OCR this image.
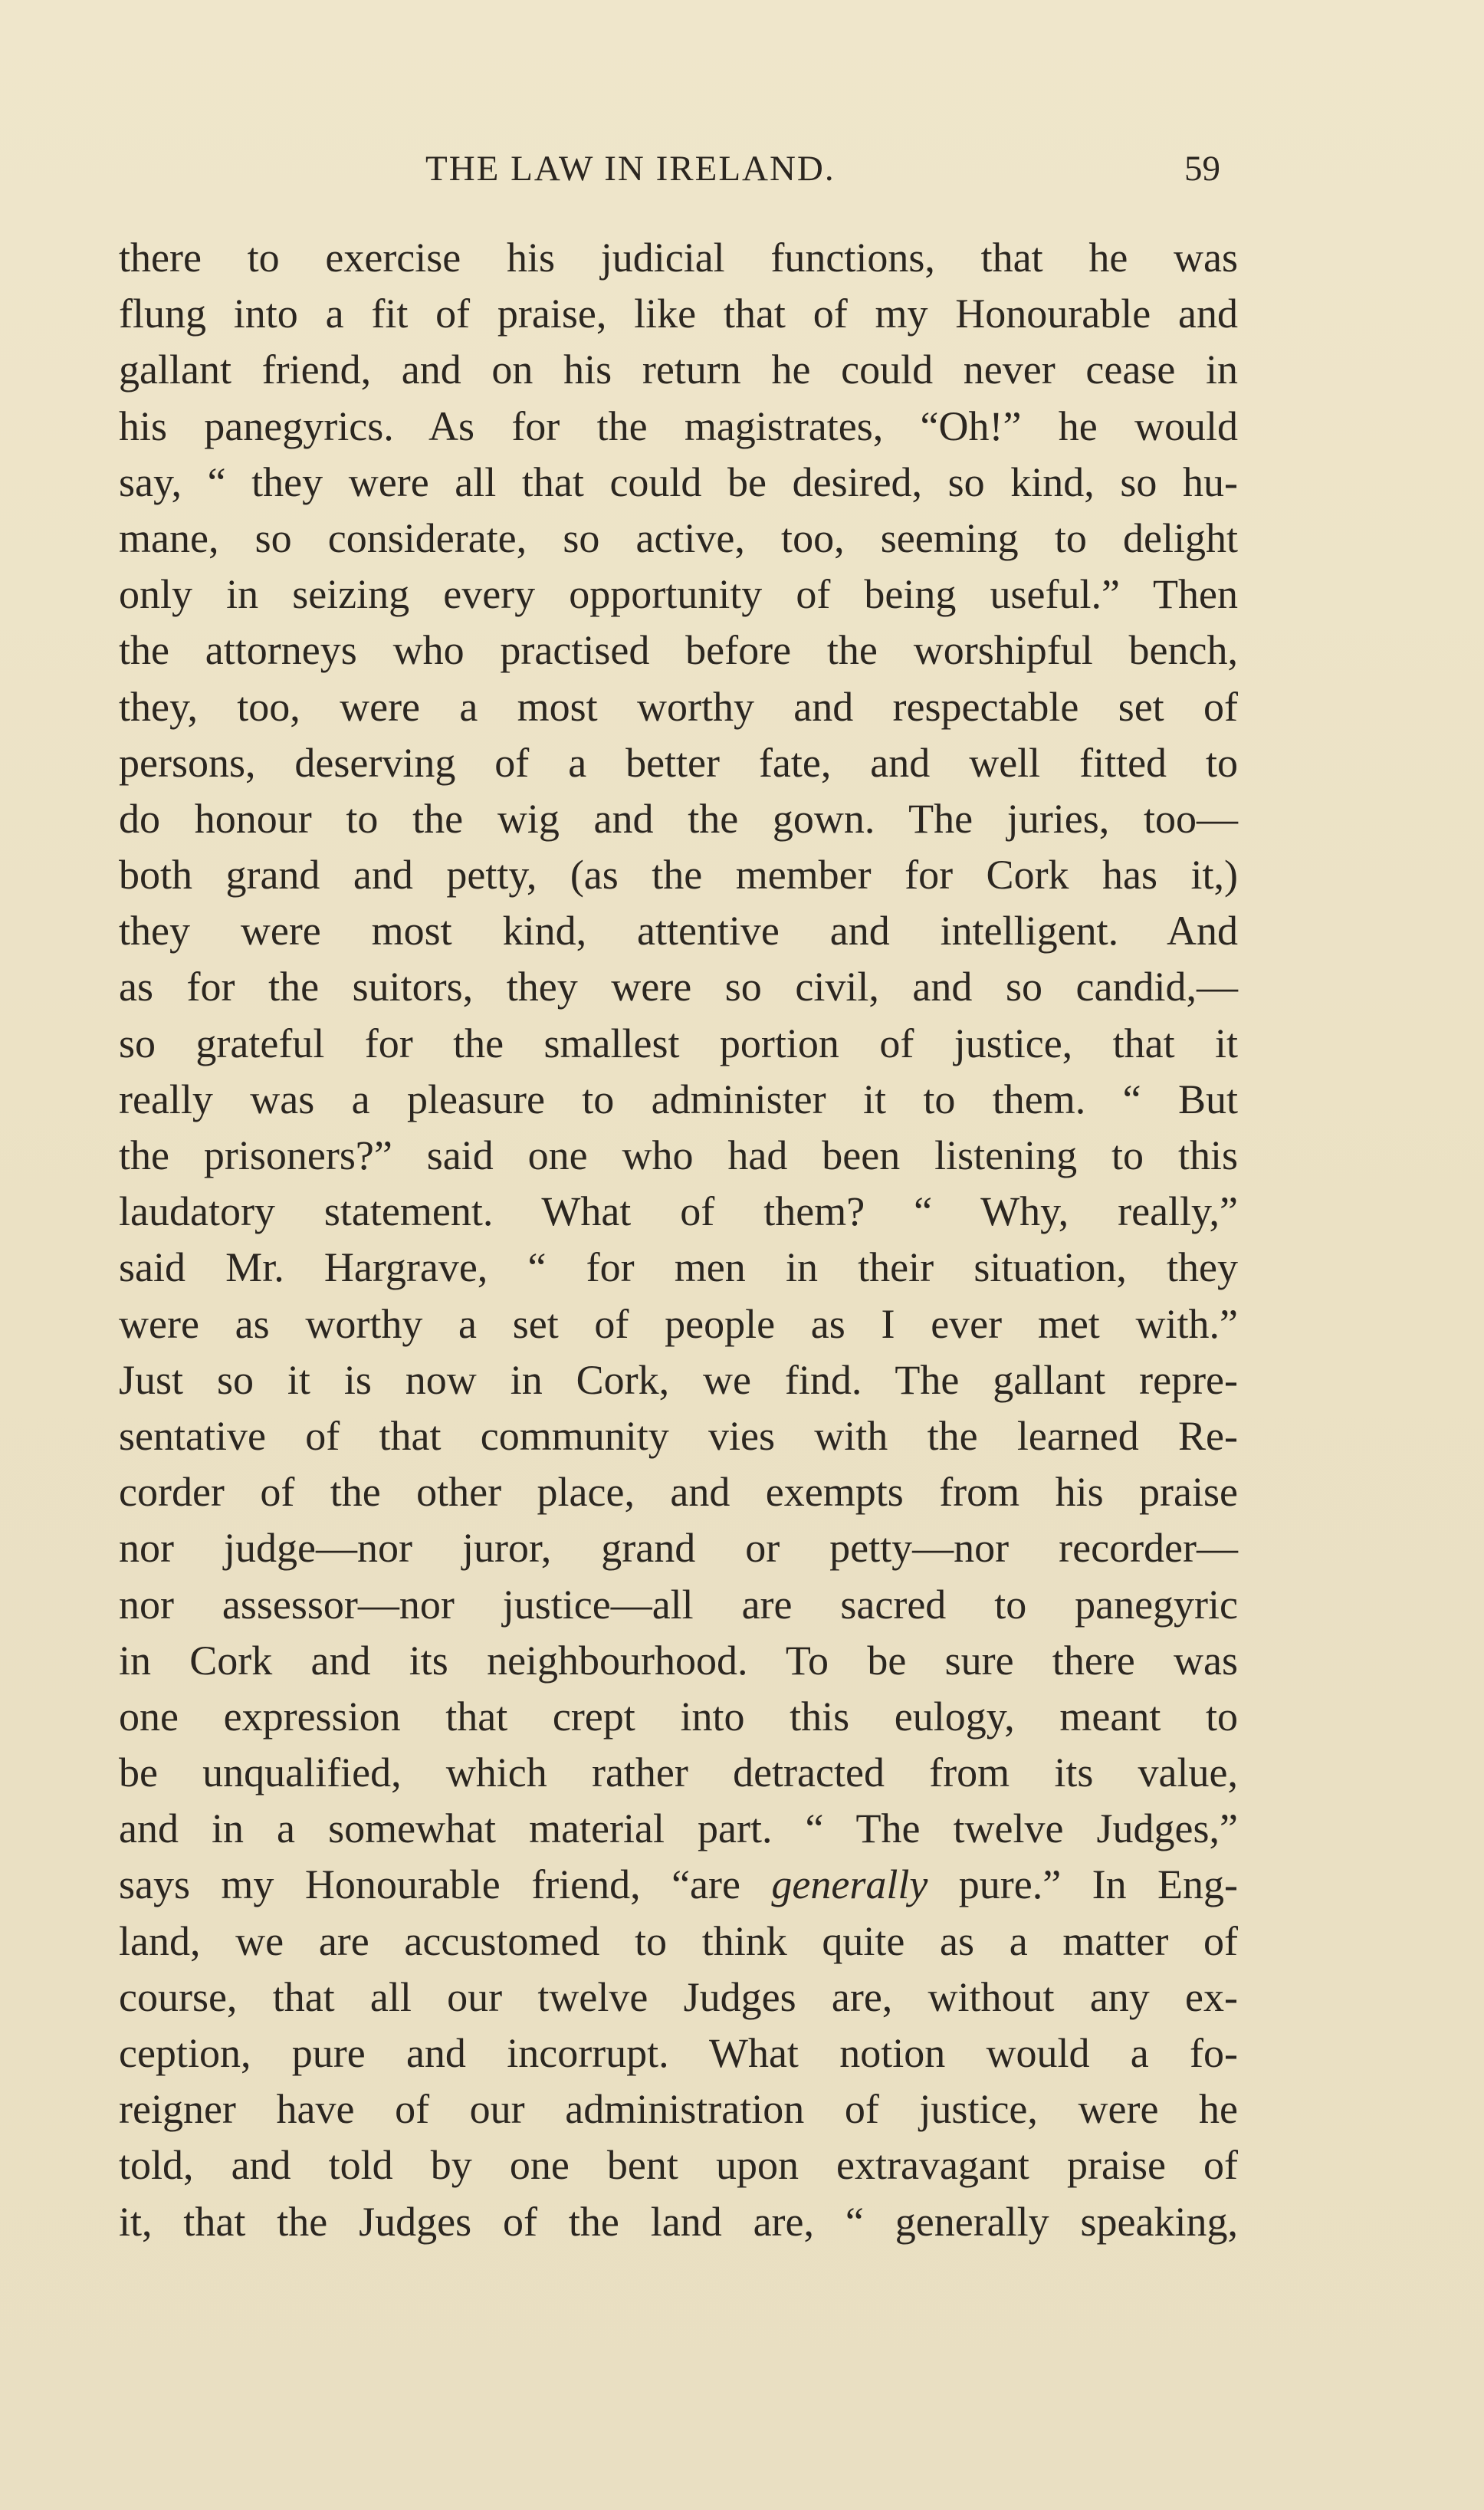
THE LAW IN IRELAND.	59
there to exercise his judicial functions, that he was
flung into a fit of praise, like that of my Honourable and
gallant friend, and on his return he could never cease in
his panegyrics. As for the magistrates, “Oh!” he would
say, “ they were all that could be desired, so kind, so hu-
mane, so considerate, so active, too, seeming to delight
only in seizing every opportunity of being useful.” Then
the attorneys who practised before the worshipful bench,
they, too, were a most worthy and respectable set of
persons, deserving of a better fate, and well fitted to
do honour to the wig and the gown. The juries, too—
both grand and petty, (as the member for Cork has it,)
they were most kind, attentive and intelligent. And
as for the suitors, they were so civil, and so candid,—
so grateful for the smallest portion of justice, that it
really was a pleasure to administer it to them. “ But
the prisoners?” said one who had been listening to this
laudatory statement. What of them? “ Why, really,”
said Mr. Hargrave, “ for men in their situation, they
were as worthy a set of people as I ever met with.”
Just so it is now in Cork, we find. The gallant repre-
sentative of that community vies with the learned Re-
corder of the other place, and exempts from his praise
nor judge—nor juror, grand or petty—nor recorder—
nor assessor—nor justice—all are sacred to panegyric
in Cork and its neighbourhood. To be sure there was
one expression that crept into this eulogy, meant to
be unqualified, which rather detracted from its value,
and in a somewhat material part. “ The twelve Judges,”
says my Honourable friend, “are generally pure.” In Eng-
land, we are accustomed to think quite as a matter of
course, that all our twelve Judges are, without any ex-
ception, pure and incorrupt. What notion would a fo-
reigner have of our administration of justice, were he
told, and told by one bent upon extravagant praise of
it, that the Judges of the land are, “ generally speaking,
